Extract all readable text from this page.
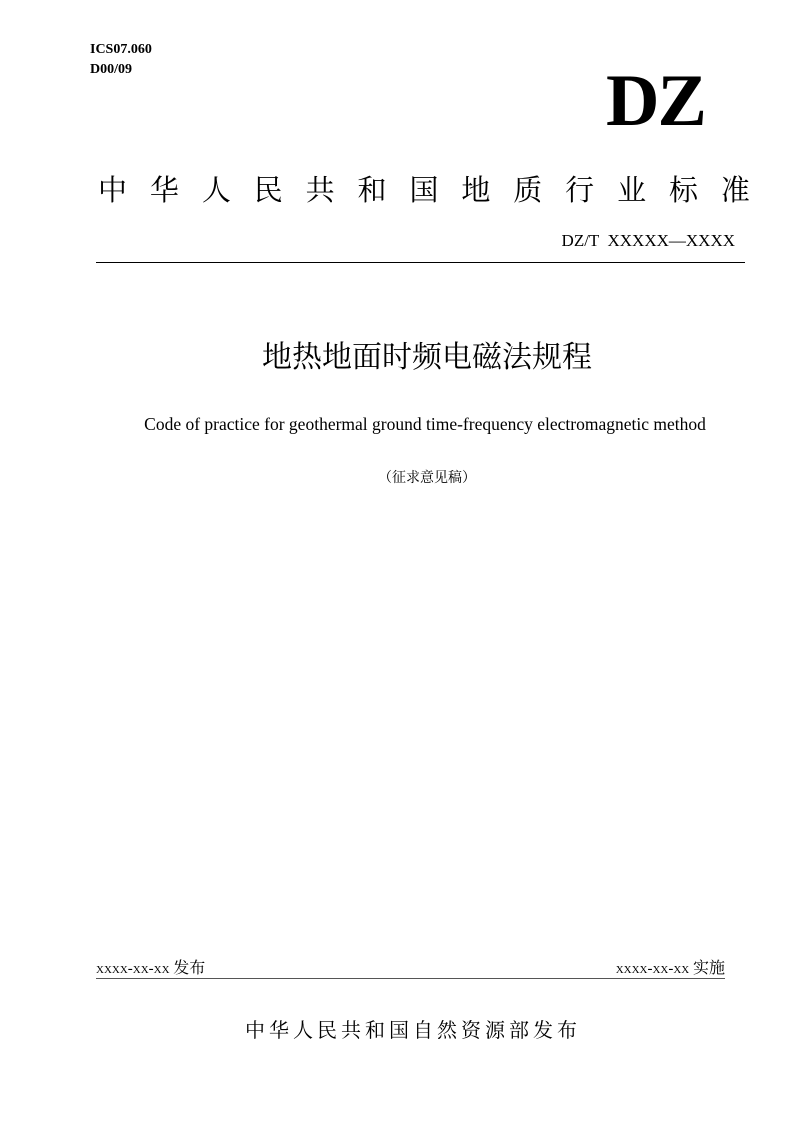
ICS07.060
D00/09	DZ
中 华 人 民 共 和 国 地 质 行 业 标 准
DZ/T  XXXXX—XXXX
地热地面时频电磁法规程
Code of practice for geothermal ground time-frequency electromagnetic method
（征求意见稿）
xxxx-xx-xx 发布	xxxx-xx-xx 实施
中华人民共和国自然资源部发布
